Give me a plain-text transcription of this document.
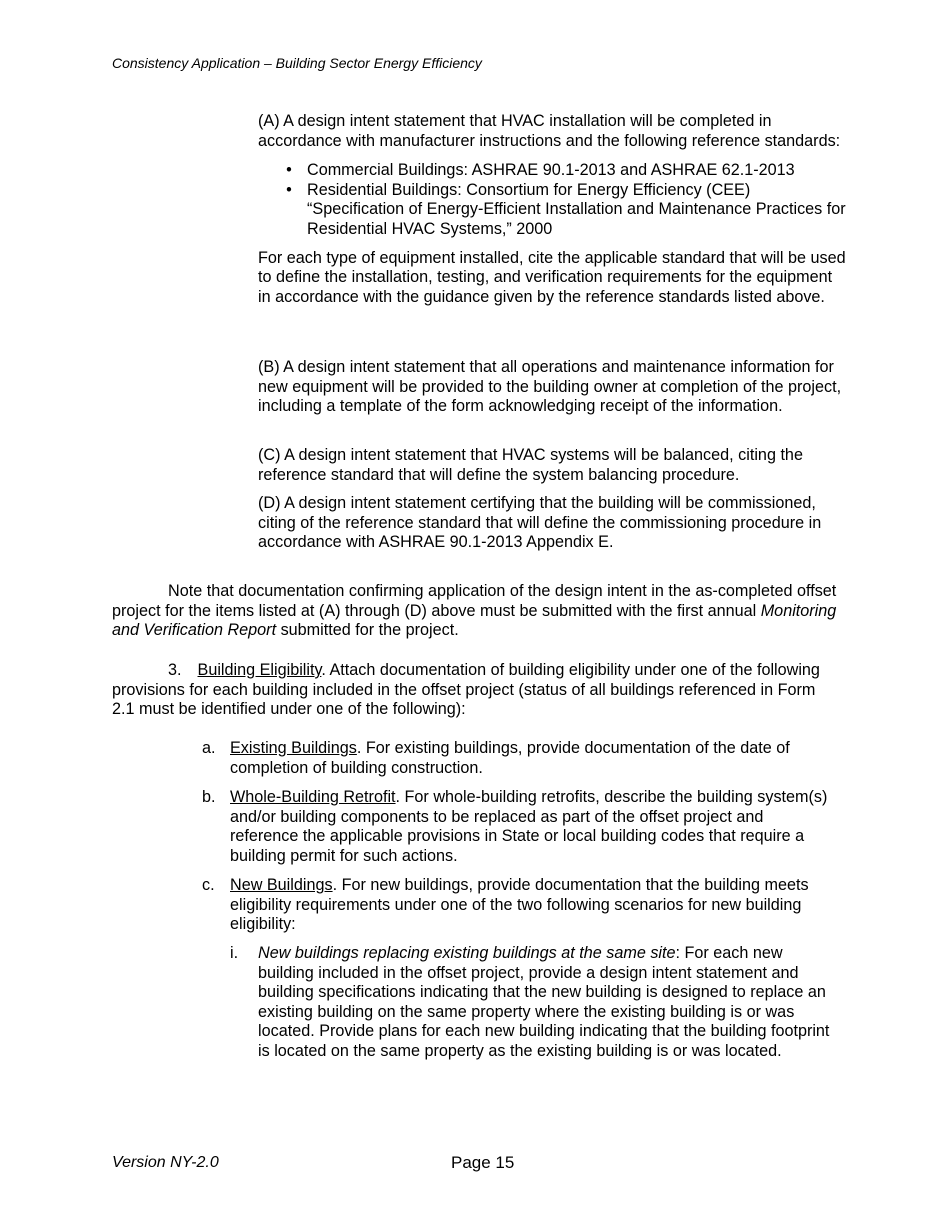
Consistency Application – Building Sector Energy Efficiency

(A) A design intent statement that HVAC installation will be completed in accordance with manufacturer instructions and the following reference standards:

• Commercial Buildings: ASHRAE 90.1-2013 and ASHRAE 62.1-2013
• Residential Buildings: Consortium for Energy Efficiency (CEE) “Specification of Energy-Efficient Installation and Maintenance Practices for Residential HVAC Systems,” 2000

For each type of equipment installed, cite the applicable standard that will be used to define the installation, testing, and verification requirements for the equipment in accordance with the guidance given by the reference standards listed above.

(B) A design intent statement that all operations and maintenance information for new equipment will be provided to the building owner at completion of the project, including a template of the form acknowledging receipt of the information.

(C) A design intent statement that HVAC systems will be balanced, citing the reference standard that will define the system balancing procedure.

(D) A design intent statement certifying that the building will be commissioned, citing of the reference standard that will define the commissioning procedure in accordance with ASHRAE 90.1-2013 Appendix E.

Note that documentation confirming application of the design intent in the as-completed offset project for the items listed at (A) through (D) above must be submitted with the first annual Monitoring and Verification Report submitted for the project.
3. Building Eligibility. Attach documentation of building eligibility under one of the following provisions for each building included in the offset project (status of all buildings referenced in Form 2.1 must be identified under one of the following):
a. Existing Buildings. For existing buildings, provide documentation of the date of completion of building construction.
b. Whole-Building Retrofit. For whole-building retrofits, describe the building system(s) and/or building components to be replaced as part of the offset project and reference the applicable provisions in State or local building codes that require a building permit for such actions.
c. New Buildings. For new buildings, provide documentation that the building meets eligibility requirements under one of the two following scenarios for new building eligibility:
i. New buildings replacing existing buildings at the same site: For each new building included in the offset project, provide a design intent statement and building specifications indicating that the new building is designed to replace an existing building on the same property where the existing building is or was located. Provide plans for each new building indicating that the building footprint is located on the same property as the existing building is or was located.
Version NY-2.0	Page 15
